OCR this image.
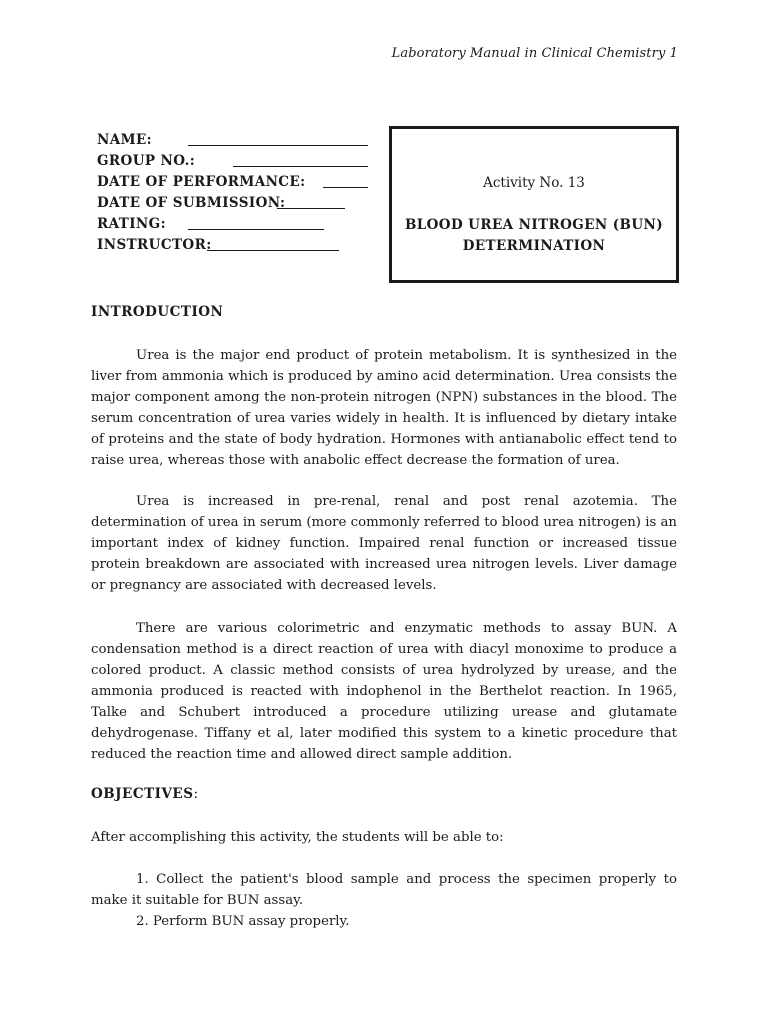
Laboratory Manual in Clinical Chemistry 1
NAME:
GROUP NO.:
DATE OF PERFORMANCE:
DATE OF SUBMISSION:
RATING:
INSTRUCTOR:
Activity No. 13
BLOOD UREA NITROGEN (BUN)
DETERMINATION
INTRODUCTION
Urea is the major end product of protein metabolism. It is synthesized in the liver from ammonia which is produced by amino acid determination. Urea consists the major component among the non-protein nitrogen (NPN) substances in the blood. The serum concentration of urea varies widely in health. It is influenced by dietary intake of proteins and the state of body hydration. Hormones with antianabolic effect tend to raise urea, whereas those with anabolic effect decrease the formation of urea.
Urea is increased in pre-renal, renal and post renal azotemia. The determination of urea in serum (more commonly referred to blood urea nitrogen) is an important index of kidney function. Impaired renal function or increased tissue protein breakdown are associated with increased urea nitrogen levels. Liver damage or pregnancy are associated with decreased levels.
There are various colorimetric and enzymatic methods to assay BUN. A condensation method is a direct reaction of urea with diacyl monoxime to produce a colored product. A classic method consists of urea hydrolyzed by urease, and the ammonia produced is reacted with indophenol in the Berthelot reaction. In 1965, Talke and Schubert introduced a procedure utilizing urease and glutamate dehydrogenase. Tiffany et al, later modified this system to a kinetic procedure that reduced the reaction time and allowed direct sample addition.
OBJECTIVES:
After accomplishing this activity, the students will be able to:
1. Collect the patient's blood sample and process the specimen properly to make it suitable for BUN assay.
2. Perform BUN assay properly.
